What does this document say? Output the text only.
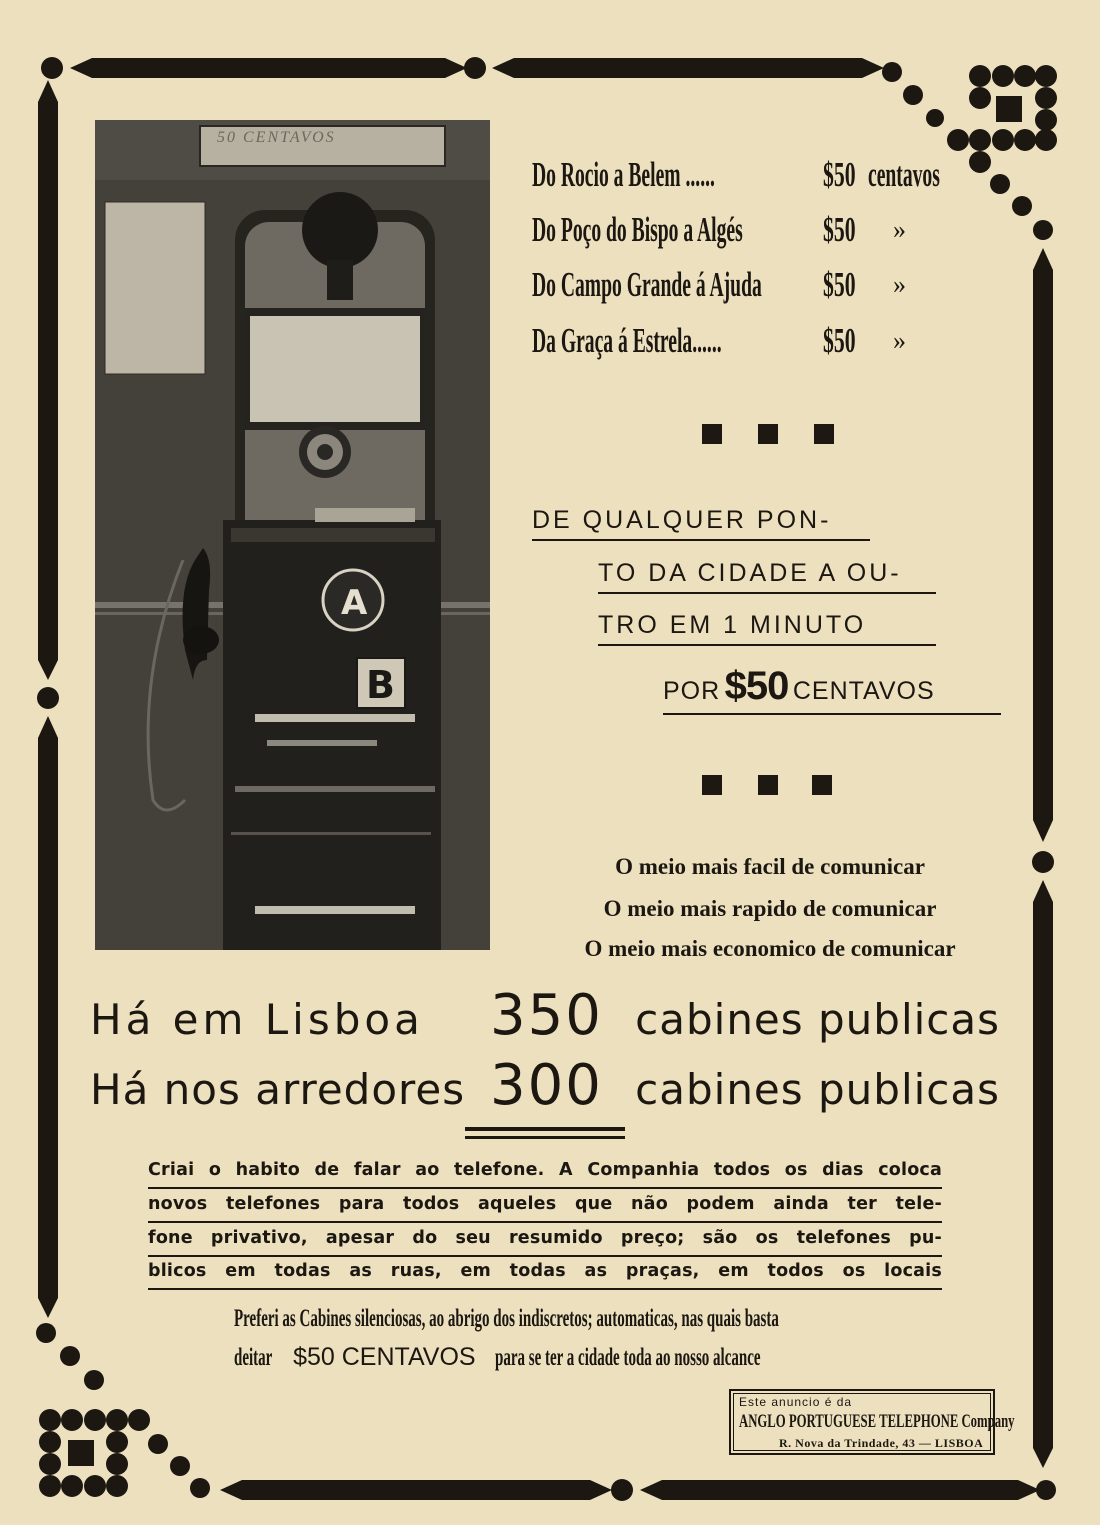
A
B
50 CENTAVOS
Do Rocio a Belem ......	$50 centavos
Do Poço do Bispo a Algés $50 »
Do Campo Grande á Ajuda $50 »
Da Graça á Estrela......	$50 »
DE QUALQUER PON-
TO DA CIDADE A OU-
TRO EM 1 MINUTO
POR $50 CENTAVOS
O meio mais facil de comunicar
O meio mais rapido de comunicar
O meio mais economico de comunicar
Há em Lisboa 350 cabines publicas
Há nos arredores 300 cabines publicas
Criai o habito de falar ao telefone. A Companhia todos os dias coloca
novos telefones para todos aqueles que não podem ainda ter tele-
fone privativo, apesar do seu resumido preço; são os telefones pu-
blicos em todas as ruas, em todas as praças, em todos os locais
Preferi as Cabines silenciosas, ao abrigo dos indiscretos; automaticas, nas quais basta
deitar $50 CENTAVOS para se ter a cidade toda ao nosso alcance
Este anuncio é da
ANGLO PORTUGUESE TELEPHONE Company
R. Nova da Trindade, 43 — LISBOA
